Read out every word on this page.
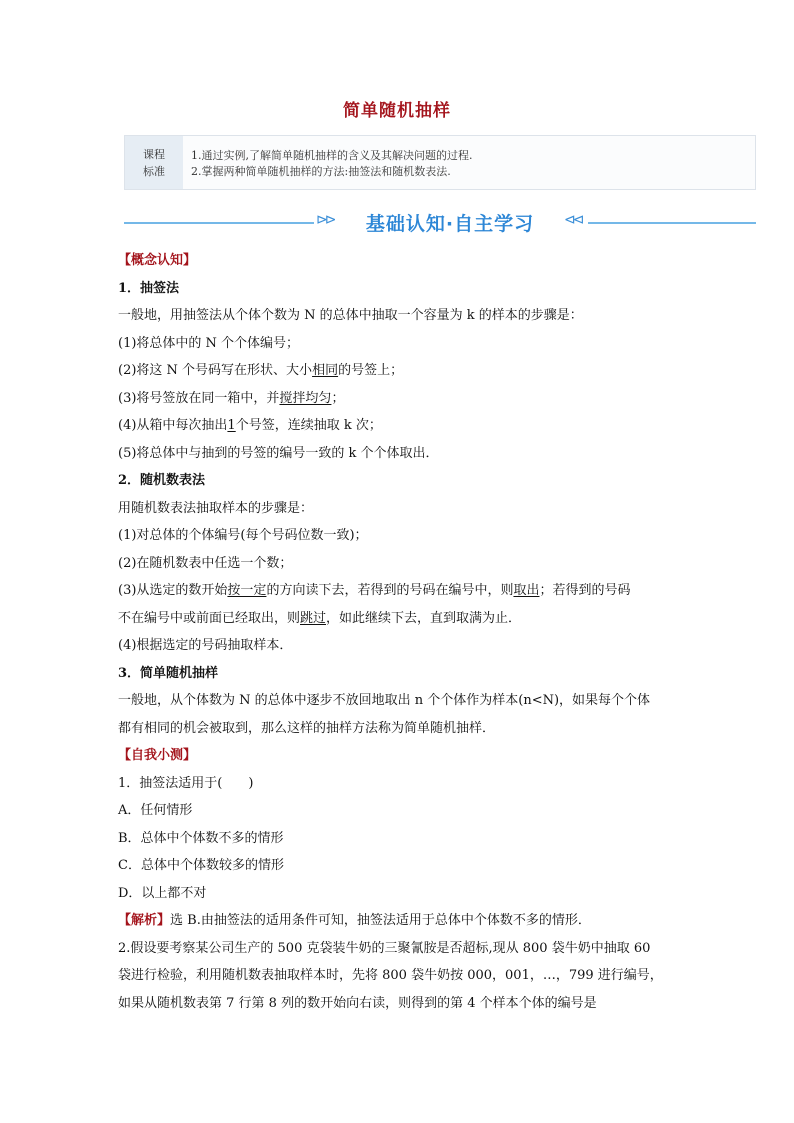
简单随机抽样
课程
标准
1.通过实例,了解简单随机抽样的含义及其解决问题的过程.
2.掌握两种简单随机抽样的方法:抽签法和随机数表法.
⊳⊳	基础认知·自主学习	⊲⊲
【概念认知】
1．抽签法
一般地，用抽签法从个体个数为 N 的总体中抽取一个容量为 k 的样本的步骤是：
(1)将总体中的 N 个个体编号；
(2)将这 N 个号码写在形状、大小相同的号签上；
(3)将号签放在同一箱中，并搅拌均匀；
(4)从箱中每次抽出1个号签，连续抽取 k 次；
(5)将总体中与抽到的号签的编号一致的 k 个个体取出．
2．随机数表法
用随机数表法抽取样本的步骤是：
(1)对总体的个体编号(每个号码位数一致)；
(2)在随机数表中任选一个数；
(3)从选定的数开始按一定的方向读下去，若得到的号码在编号中，则取出；若得到的号码
不在编号中或前面已经取出，则跳过，如此继续下去，直到取满为止．
(4)根据选定的号码抽取样本．
3．简单随机抽样
一般地，从个体数为 N 的总体中逐步不放回地取出 n 个个体作为样本(n<N)，如果每个个体
都有相同的机会被取到，那么这样的抽样方法称为简单随机抽样．
【自我小测】
1．抽签法适用于(　　)
A．任何情形
B．总体中个体数不多的情形
C．总体中个体数较多的情形
D．以上都不对
【解析】选 B.由抽签法的适用条件可知，抽签法适用于总体中个体数不多的情形．
2.假设要考察某公司生产的 500 克袋装牛奶的三聚氰胺是否超标,现从 800 袋牛奶中抽取 60
袋进行检验，利用随机数表抽取样本时，先将 800 袋牛奶按 000，001，…，799 进行编号，
如果从随机数表第 7 行第 8 列的数开始向右读，则得到的第 4 个样本个体的编号是
